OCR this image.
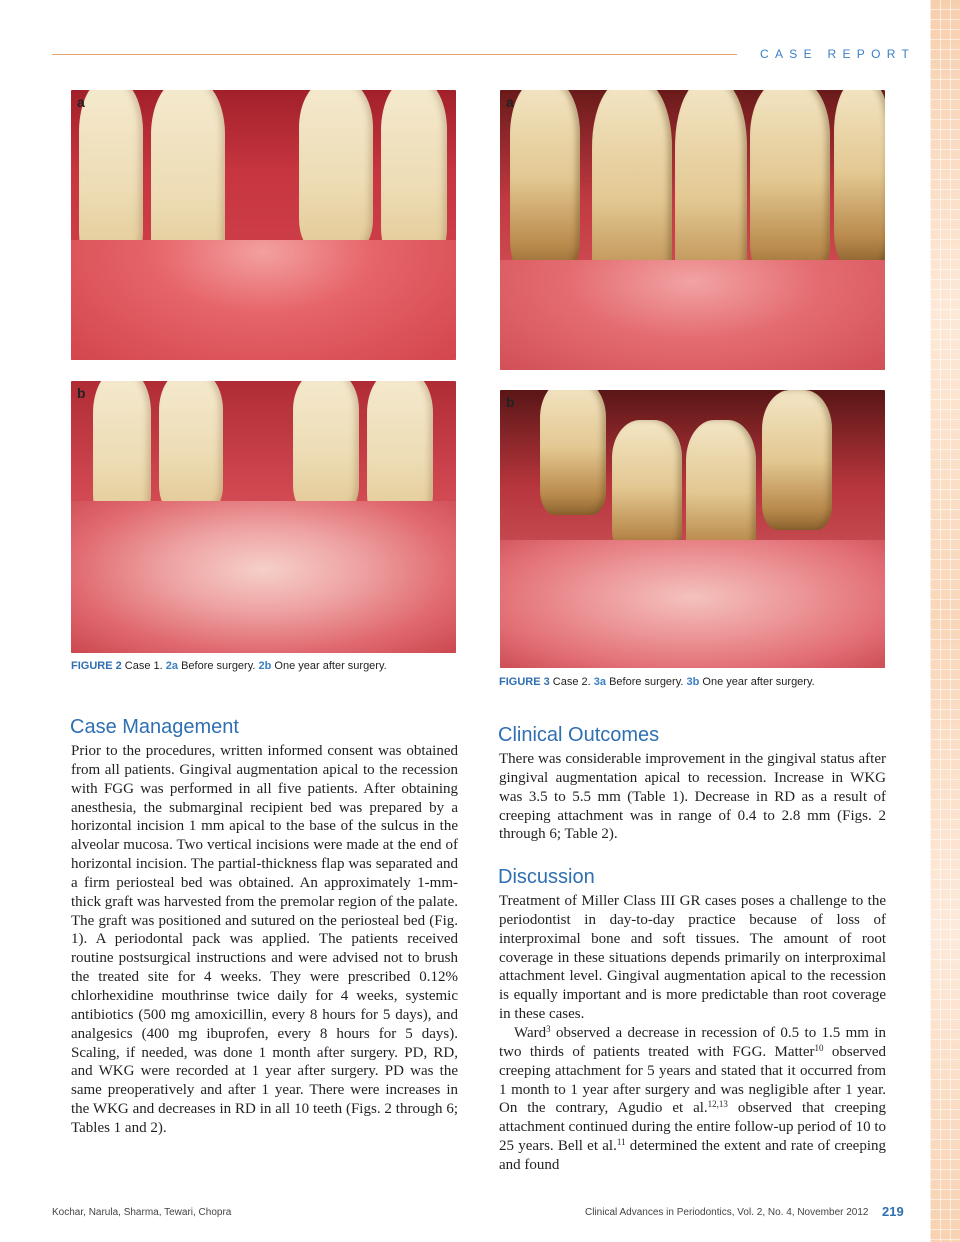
CASE REPORT
a
b
FIGURE 2 Case 1. 2a Before surgery. 2b One year after surgery.
a
b
FIGURE 3 Case 2. 3a Before surgery. 3b One year after surgery.
Case Management
Prior to the procedures, written informed consent was obtained from all patients. Gingival augmentation apical to the recession with FGG was performed in all five patients. After obtaining anesthesia, the submarginal recipient bed was prepared by a horizontal incision 1 mm apical to the base of the sulcus in the alveolar mucosa. Two vertical incisions were made at the end of horizontal incision. The partial-thickness flap was separated and a firm periosteal bed was obtained. An approximately 1-mm-thick graft was harvested from the premolar region of the palate. The graft was positioned and sutured on the periosteal bed (Fig. 1). A periodontal pack was applied. The patients received routine postsurgical instructions and were advised not to brush the treated site for 4 weeks. They were prescribed 0.12% chlorhexidine mouthrinse twice daily for 4 weeks, systemic antibiotics (500 mg amoxicillin, every 8 hours for 5 days), and analgesics (400 mg ibuprofen, every 8 hours for 5 days). Scaling, if needed, was done 1 month after surgery. PD, RD, and WKG were recorded at 1 year after surgery. PD was the same preoperatively and after 1 year. There were increases in the WKG and decreases in RD in all 10 teeth (Figs. 2 through 6; Tables 1 and 2).
Clinical Outcomes
There was considerable improvement in the gingival status after gingival augmentation apical to recession. Increase in WKG was 3.5 to 5.5 mm (Table 1). Decrease in RD as a result of creeping attachment was in range of 0.4 to 2.8 mm (Figs. 2 through 6; Table 2).
Discussion
Treatment of Miller Class III GR cases poses a challenge to the periodontist in day-to-day practice because of loss of interproximal bone and soft tissues. The amount of root coverage in these situations depends primarily on interproximal attachment level. Gingival augmentation apical to the recession is equally important and is more predictable than root coverage in these cases.
Ward$^3$ observed a decrease in recession of 0.5 to 1.5 mm in two thirds of patients treated with FGG. Matter$^{10}$ observed creeping attachment for 5 years and stated that it occurred from 1 month to 1 year after surgery and was negligible after 1 year. On the contrary, Agudio et al.$^{12,13}$ observed that creeping attachment continued during the entire follow-up period of 10 to 25 years. Bell et al.$^{11}$ determined the extent and rate of creeping and found
Kochar, Narula, Sharma, Tewari, Chopra	Clinical Advances in Periodontics, Vol. 2, No. 4, November 2012 219
